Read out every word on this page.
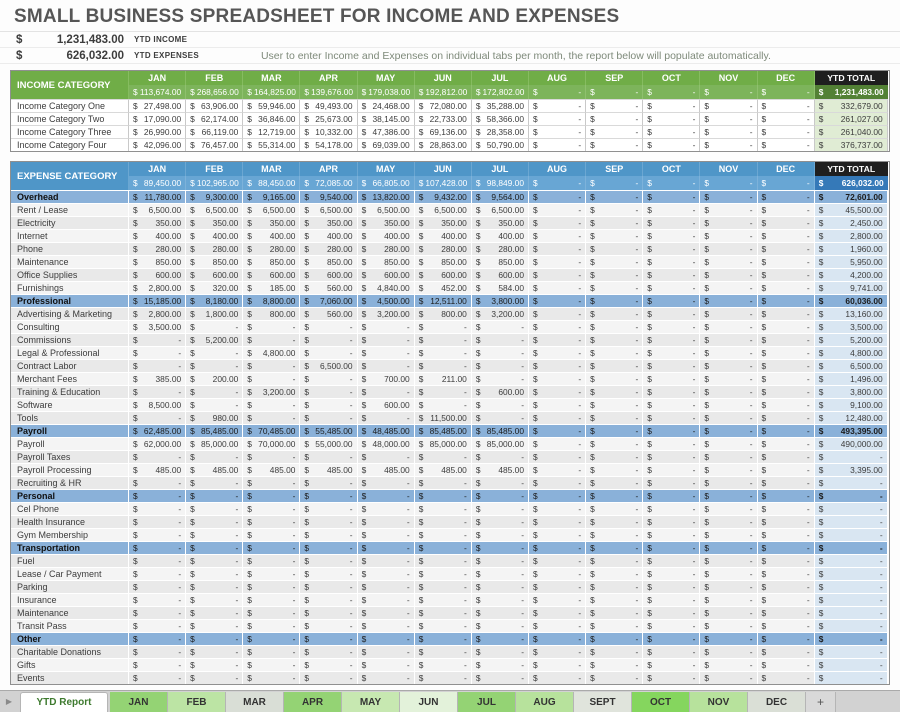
SMALL BUSINESS SPREADSHEET FOR INCOME AND EXPENSES
$	1,231,483.00 YTD INCOME
$	626,032.00 YTD EXPENSES	User to enter Income and Expenses on individual tabs per month, the report below will populate automatically.
INCOME CATEGORY
JAN	FEB	MAR	APR	MAY	JUN	JUL	AUG	SEP	OCT	NOV	DEC	YTD TOTAL
$ 113,674.00 $ 268,656.00 $ 164,825.00 $ 139,676.00 $ 179,038.00 $ 192,812.00 $ 172,802.00 $	- $	- $	- $	- $	- $ 1,231,483.00
Income Category One	$ 27,498.00 $ 63,906.00 $ 59,946.00 $ 49,493.00 $ 24,468.00 $ 72,080.00 $ 35,288.00 $	- $	- $	- $	- $	- $ 332,679.00
Income Category Two	$ 17,090.00 $ 62,174.00 $ 36,846.00 $ 25,673.00 $ 38,145.00 $ 22,733.00 $ 58,366.00 $	- $	- $	- $	- $	- $ 261,027.00
Income Category Three	$ 26,990.00 $ 66,119.00 $ 12,719.00 $ 10,332.00 $ 47,386.00 $ 69,136.00 $ 28,358.00 $	- $	- $	- $	- $	- $ 261,040.00
Income Category Four	$ 42,096.00 $ 76,457.00 $ 55,314.00 $ 54,178.00 $ 69,039.00 $ 28,863.00 $ 50,790.00 $	- $	- $	- $	- $	- $ 376,737.00
EXPENSE CATEGORY
JAN	FEB	MAR	APR	MAY	JUN	JUL	AUG	SEP	OCT	NOV	DEC	YTD TOTAL
$ 89,450.00 $ 102,965.00 $ 88,450.00 $ 72,085.00 $ 66,805.00 $ 107,428.00 $ 98,849.00 $	- $	- $	- $	- $	- $ 626,032.00
Overhead	$ 11,780.00 $ 9,300.00 $ 9,165.00 $ 9,540.00 $ 13,820.00 $ 9,432.00 $ 9,564.00 $	- $	- $	- $	- $	- $	72,601.00
Rent / Lease	$ 6,500.00 $ 6,500.00 $ 6,500.00 $ 6,500.00 $ 6,500.00 $ 6,500.00 $ 6,500.00 $	- $	- $	- $	- $	- $	45,500.00
Electricity	$ 350.00 $ 350.00 $ 350.00 $ 350.00 $ 350.00 $ 350.00 $ 350.00 $	- $	- $	- $	- $	- $	2,450.00
Internet	$ 400.00 $ 400.00 $ 400.00 $ 400.00 $ 400.00 $ 400.00 $ 400.00 $	- $	- $	- $	- $	- $	2,800.00
Phone	$ 280.00 $ 280.00 $ 280.00 $ 280.00 $ 280.00 $ 280.00 $ 280.00 $	- $	- $	- $	- $	- $	1,960.00
Maintenance	$ 850.00 $ 850.00 $ 850.00 $ 850.00 $ 850.00 $ 850.00 $ 850.00 $	- $	- $	- $	- $	- $	5,950.00
Office Supplies	$ 600.00 $ 600.00 $ 600.00 $ 600.00 $ 600.00 $ 600.00 $ 600.00 $	- $	- $	- $	- $	- $	4,200.00
Furnishings	$ 2,800.00 $ 320.00 $ 185.00 $ 560.00 $ 4,840.00 $ 452.00 $ 584.00 $	- $	- $	- $	- $	- $	9,741.00
Professional	$ 15,185.00 $ 8,180.00 $ 8,800.00 $ 7,060.00 $ 4,500.00 $ 12,511.00 $ 3,800.00 $	- $	- $	- $	- $	- $	60,036.00
Advertising & Marketing	$ 2,800.00 $ 1,800.00 $ 800.00 $ 560.00 $ 3,200.00 $ 800.00 $ 3,200.00 $	- $	- $	- $	- $	- $	13,160.00
Consulting	$ 3,500.00 $	- $	- $	- $	- $	- $	- $	- $	- $	- $	- $	- $	3,500.00
Commissions	$	- $ 5,200.00 $	- $	- $	- $	- $	- $	- $	- $	- $	- $	- $	5,200.00
Legal & Professional	$	- $	- $ 4,800.00 $	- $	- $	- $	- $	- $	- $	- $	- $	- $	4,800.00
Contract Labor	$	- $	- $	- $ 6,500.00 $	- $	- $	- $	- $	- $	- $	- $	- $	6,500.00
Merchant Fees	$ 385.00 $ 200.00 $	- $	- $ 700.00 $ 211.00 $	- $	- $	- $	- $	- $	- $	1,496.00
Training & Education	$	- $	- $ 3,200.00 $	- $	- $	- $ 600.00 $	- $	- $	- $	- $	- $	3,800.00
Software	$ 8,500.00 $	- $	- $	- $ 600.00 $	- $	- $	- $	- $	- $	- $	- $	9,100.00
Tools	$	- $ 980.00 $	- $	- $	- $ 11,500.00 $	- $	- $	- $	- $	- $	- $	12,480.00
Payroll	$ 62,485.00 $ 85,485.00 $ 70,485.00 $ 55,485.00 $ 48,485.00 $ 85,485.00 $ 85,485.00 $	- $	- $	- $	- $	- $ 493,395.00
Payroll	$ 62,000.00 $ 85,000.00 $ 70,000.00 $ 55,000.00 $ 48,000.00 $ 85,000.00 $ 85,000.00 $	- $	- $	- $	- $	- $ 490,000.00
Payroll Taxes	$	- $	- $	- $	- $	- $	- $	- $	- $	- $	- $	- $	- $	-
Payroll Processing	$ 485.00 $ 485.00 $ 485.00 $ 485.00 $ 485.00 $ 485.00 $ 485.00 $	- $	- $	- $	- $	- $	3,395.00
Recruiting & HR	$	- $	- $	- $	- $	- $	- $	- $	- $	- $	- $	- $	- $	-
Personal	$	- $	- $	- $	- $	- $	- $	- $	- $	- $	- $	- $	- $	-
Cel Phone	$	- $	- $	- $	- $	- $	- $	- $	- $	- $	- $	- $	- $	-
Health Insurance	$	- $	- $	- $	- $	- $	- $	- $	- $	- $	- $	- $	- $	-
Gym Membership	$	- $	- $	- $	- $	- $	- $	- $	- $	- $	- $	- $	- $	-
Transportation	$	- $	- $	- $	- $	- $	- $	- $	- $	- $	- $	- $	- $	-
Fuel	$	- $	- $	- $	- $	- $	- $	- $	- $	- $	- $	- $	- $	-
Lease / Car Payment	$	- $	- $	- $	- $	- $	- $	- $	- $	- $	- $	- $	- $	-
Parking	$	- $	- $	- $	- $	- $	- $	- $	- $	- $	- $	- $	- $	-
Insurance	$	- $	- $	- $	- $	- $	- $	- $	- $	- $	- $	- $	- $	-
Maintenance	$	- $	- $	- $	- $	- $	- $	- $	- $	- $	- $	- $	- $	-
Transit Pass	$	- $	- $	- $	- $	- $	- $	- $	- $	- $	- $	- $	- $	-
Other	$	- $	- $	- $	- $	- $	- $	- $	- $	- $	- $	- $	- $	-
Charitable Donations	$	- $	- $	- $	- $	- $	- $	- $	- $	- $	- $	- $	- $	-
Gifts	$	- $	- $	- $	- $	- $	- $	- $	- $	- $	- $	- $	- $	-
Events	$	- $	- $	- $	- $	- $	- $	- $	- $	- $	- $	- $	- $	-
▶	YTD Report	JAN	FEB	MAR	APR	MAY	JUN	JUL	AUG	SEPT	OCT	NOV	DEC	+
